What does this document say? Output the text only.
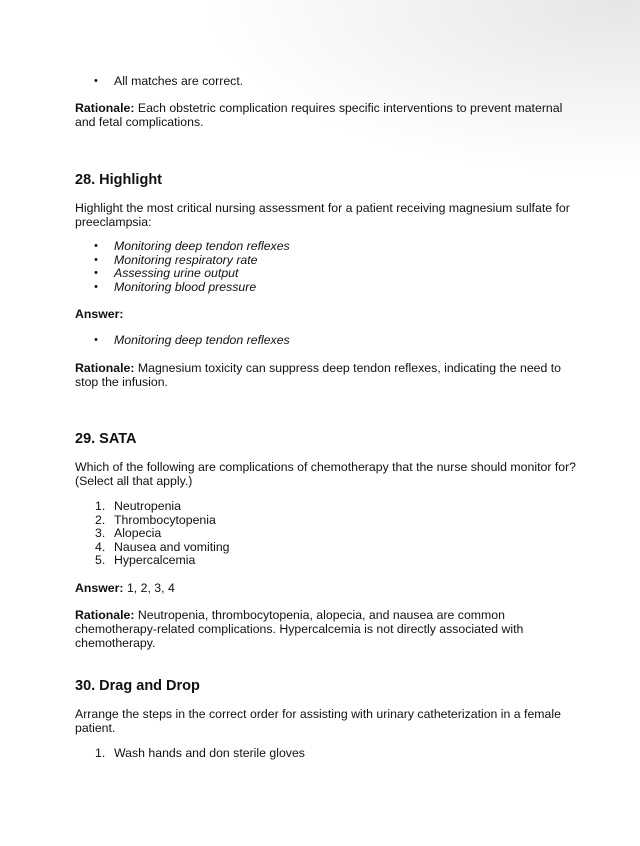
• All matches are correct.

Rationale: Each obstetric complication requires specific interventions to prevent maternal and fetal complications.

28. Highlight

Highlight the most critical nursing assessment for a patient receiving magnesium sulfate for preeclampsia:

• Monitoring deep tendon reflexes
• Monitoring respiratory rate
• Assessing urine output
• Monitoring blood pressure

Answer:

• Monitoring deep tendon reflexes

Rationale: Magnesium toxicity can suppress deep tendon reflexes, indicating the need to stop the infusion.

29. SATA

Which of the following are complications of chemotherapy that the nurse should monitor for? (Select all that apply.)

1. Neutropenia
2. Thrombocytopenia
3. Alopecia
4. Nausea and vomiting
5. Hypercalcemia

Answer: 1, 2, 3, 4

Rationale: Neutropenia, thrombocytopenia, alopecia, and nausea are common chemotherapy-related complications. Hypercalcemia is not directly associated with chemotherapy.

30. Drag and Drop

Arrange the steps in the correct order for assisting with urinary catheterization in a female patient.

1. Wash hands and don sterile gloves
